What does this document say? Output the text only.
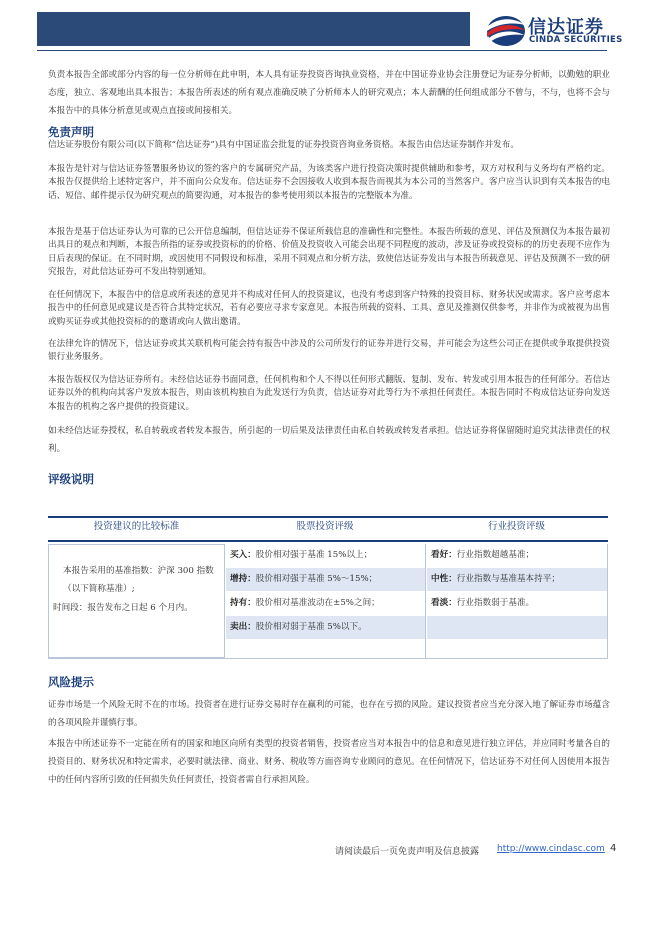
信达证券
CINDA SECURITIES
负责本报告全部或部分内容的每一位分析师在此申明，本人具有证券投资咨询执业资格，并在中国证券业协会注册登记为证券分析师，以勤勉的职业态度，独立、客观地出具本报告；本报告所表述的所有观点准确反映了分析师本人的研究观点；本人薪酬的任何组成部分不曾与，不与，也将不会与本报告中的具体分析意见或观点直接或间接相关。
免责声明
信达证券股份有限公司(以下简称“信达证券”)具有中国证监会批复的证券投资咨询业务资格。本报告由信达证券制作并发布。
本报告是针对与信达证券签署服务协议的签约客户的专属研究产品，为该类客户进行投资决策时提供辅助和参考，双方对权利与义务均有严格约定。本报告仅提供给上述特定客户，并不面向公众发布。信达证券不会因接收人收到本报告而视其为本公司的当然客户。客户应当认识到有关本报告的电话、短信、邮件提示仅为研究观点的简要沟通，对本报告的参考使用须以本报告的完整版本为准。
本报告是基于信达证券认为可靠的已公开信息编制，但信达证券不保证所载信息的准确性和完整性。本报告所载的意见、评估及预测仅为本报告最初出具日的观点和判断，本报告所指的证券或投资标的的价格、价值及投资收入可能会出现不同程度的波动，涉及证券或投资标的的历史表现不应作为日后表现的保证。在不同时期，或因使用不同假设和标准，采用不同观点和分析方法，致使信达证券发出与本报告所载意见、评估及预测不一致的研究报告，对此信达证券可不发出特别通知。
在任何情况下，本报告中的信息或所表述的意见并不构成对任何人的投资建议，也没有考虑到客户特殊的投资目标、财务状况或需求。客户应考虑本报告中的任何意见或建议是否符合其特定状况，若有必要应寻求专家意见。本报告所载的资料、工具、意见及推测仅供参考，并非作为或被视为出售或购买证券或其他投资标的的邀请或向人做出邀请。
在法律允许的情况下，信达证券或其关联机构可能会持有报告中涉及的公司所发行的证券并进行交易，并可能会为这些公司正在提供或争取提供投资银行业务服务。
本报告版权仅为信达证券所有。未经信达证券书面同意，任何机构和个人不得以任何形式翻版、复制、发布、转发或引用本报告的任何部分。若信达证券以外的机构向其客户发放本报告，则由该机构独自为此发送行为负责，信达证券对此等行为不承担任何责任。本报告同时不构成信达证券向发送本报告的机构之客户提供的投资建议。
如未经信达证券授权，私自转载或者转发本报告，所引起的一切后果及法律责任由私自转载或转发者承担。信达证券将保留随时追究其法律责任的权利。
评级说明
投资建议的比较标准	股票投资评级	行业投资评级
本报告采用的基准指数：沪深 300 指数（以下简称基准）;
时间段：报告发布之日起 6 个月内。
买入：股价相对强于基准 15%以上；
增持：股价相对强于基准 5%～15%；
持有：股价相对基准波动在±5%之间；
卖出：股价相对弱于基准 5%以下。
看好：行业指数超越基准；
中性：行业指数与基准基本持平；
看淡：行业指数弱于基准。
风险提示
证券市场是一个风险无时不在的市场。投资者在进行证券交易时存在赢利的可能，也存在亏损的风险。建议投资者应当充分深入地了解证券市场蕴含的各项风险并谨慎行事。
本报告中所述证券不一定能在所有的国家和地区向所有类型的投资者销售，投资者应当对本报告中的信息和意见进行独立评估，并应同时考量各自的投资目的、财务状况和特定需求，必要时就法律、商业、财务、税收等方面咨询专业顾问的意见。在任何情况下，信达证券不对任何人因使用本报告中的任何内容所引致的任何损失负任何责任，投资者需自行承担风险。
请阅读最后一页免责声明及信息披露 http://www.cindasc.com 4
